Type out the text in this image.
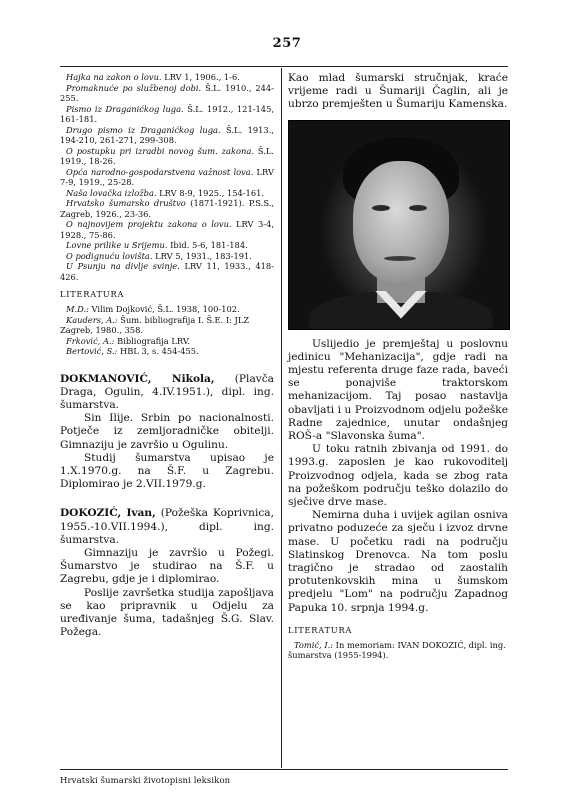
257

Hajka na zakon o lovu. LRV 1, 1906., 1-6.

Promaknuće po službenoj dobi. Š.L. 1910., 244-255.

Pismo iz Draganićkog luga. Š.L. 1912., 121-145, 161-181.

Drugo pismo iz Draganićkog luga. Š.L. 1913., 194-210, 261-271, 299-308.

O postupku pri izradbi novog šum. zakona. Š.L. 1919., 18-26.

Opća narodno-gospodarstvena važnost lova. LRV 7-9, 1919., 25-28.

Naša lovačka izložba. LRV 8-9, 1925., 154-161.

Hrvatsko šumarsko društvo (1871-1921). P.S.S., Zagreb, 1926., 23-36.

O najnovijem projektu zakona o lovu. LRV 3-4, 1928., 75-86.

Lovne prilike u Srijemu. Ibid. 5-6, 181-184.

O podignuću lovišta. LRV 5, 1931., 183-191.

U Psunju na divlje svinje. LRV 11, 1933., 418-426.

LITERATURA

M.D.: Vilim Dojković, Š.L. 1938, 100-102.

Kauders, A.: Šum. bibliografija I. Š.E. I: JLZ Zagreb, 1980., 358.

Frković, A.: Bibliografija LRV.

Bertović, S.: HBL 3, s. 454-455.

DOKMANOVIĆ, Nikola, (Plavča Draga, Ogulin, 4.IV.1951.), dipl. ing. šumarstva.

Sin Ilije. Srbin po nacionalnosti. Potječe iz zemljoradničke obitelji. Gimnaziju je završio u Ogulinu.

Studij šumarstva upisao je 1.X.1970.g. na Š.F. u Zagrebu. Diplomirao je 2.VII.1979.g.

DOKOZIĆ, Ivan, (Požeška Koprivnica, 1955.-10.VII.1994.), dipl. ing. šumarstva.

Gimnaziju je završio u Požegi. Šumarstvo je studirao na Š.F. u Zagrebu, gdje je i diplomirao.

Poslije završetka studija zapošljava se kao pripravnik u Odjelu za uređivanje šuma, tadašnjeg Š.G. Slav. Požega.

Kao mlad šumarski stručnjak, kraće vrijeme radi u Šumariji Čaglin, ali je ubrzo premješten u Šumariju Kamenska.

Uslijedio je premještaj u poslovnu jedinicu "Mehanizacija", gdje radi na mjestu referenta druge faze rada, baveći se ponajviše traktorskom mehanizacijom. Taj posao nastavlja obavljati i u Proizvodnom odjelu požeške Radne zajednice, unutar ondašnjeg ROŠ-a "Slavonska šuma".

U toku ratnih zbivanja od 1991. do 1993.g. zaposlen je kao rukovoditelj Proizvodnog odjela, kada se zbog rata na požeškom području teško dolazilo do sječive drve mase.

Nemirna duha i uvijek agilan osniva privatno poduzeće za sječu i izvoz drvne mase. U početku radi na području Slatinskog Drenovca. Na tom poslu tragično je stradao od zaostalih protutenkovskih mina u šumskom predjelu "Lom" na području Zapadnog Papuka 10. srpnja 1994.g.

LITERATURA

Tomić, I.: In memoriam: IVAN DOKOZIĆ, dipl. ing. šumarstva (1955-1994).

Hrvatski šumarski životopisni leksikon
